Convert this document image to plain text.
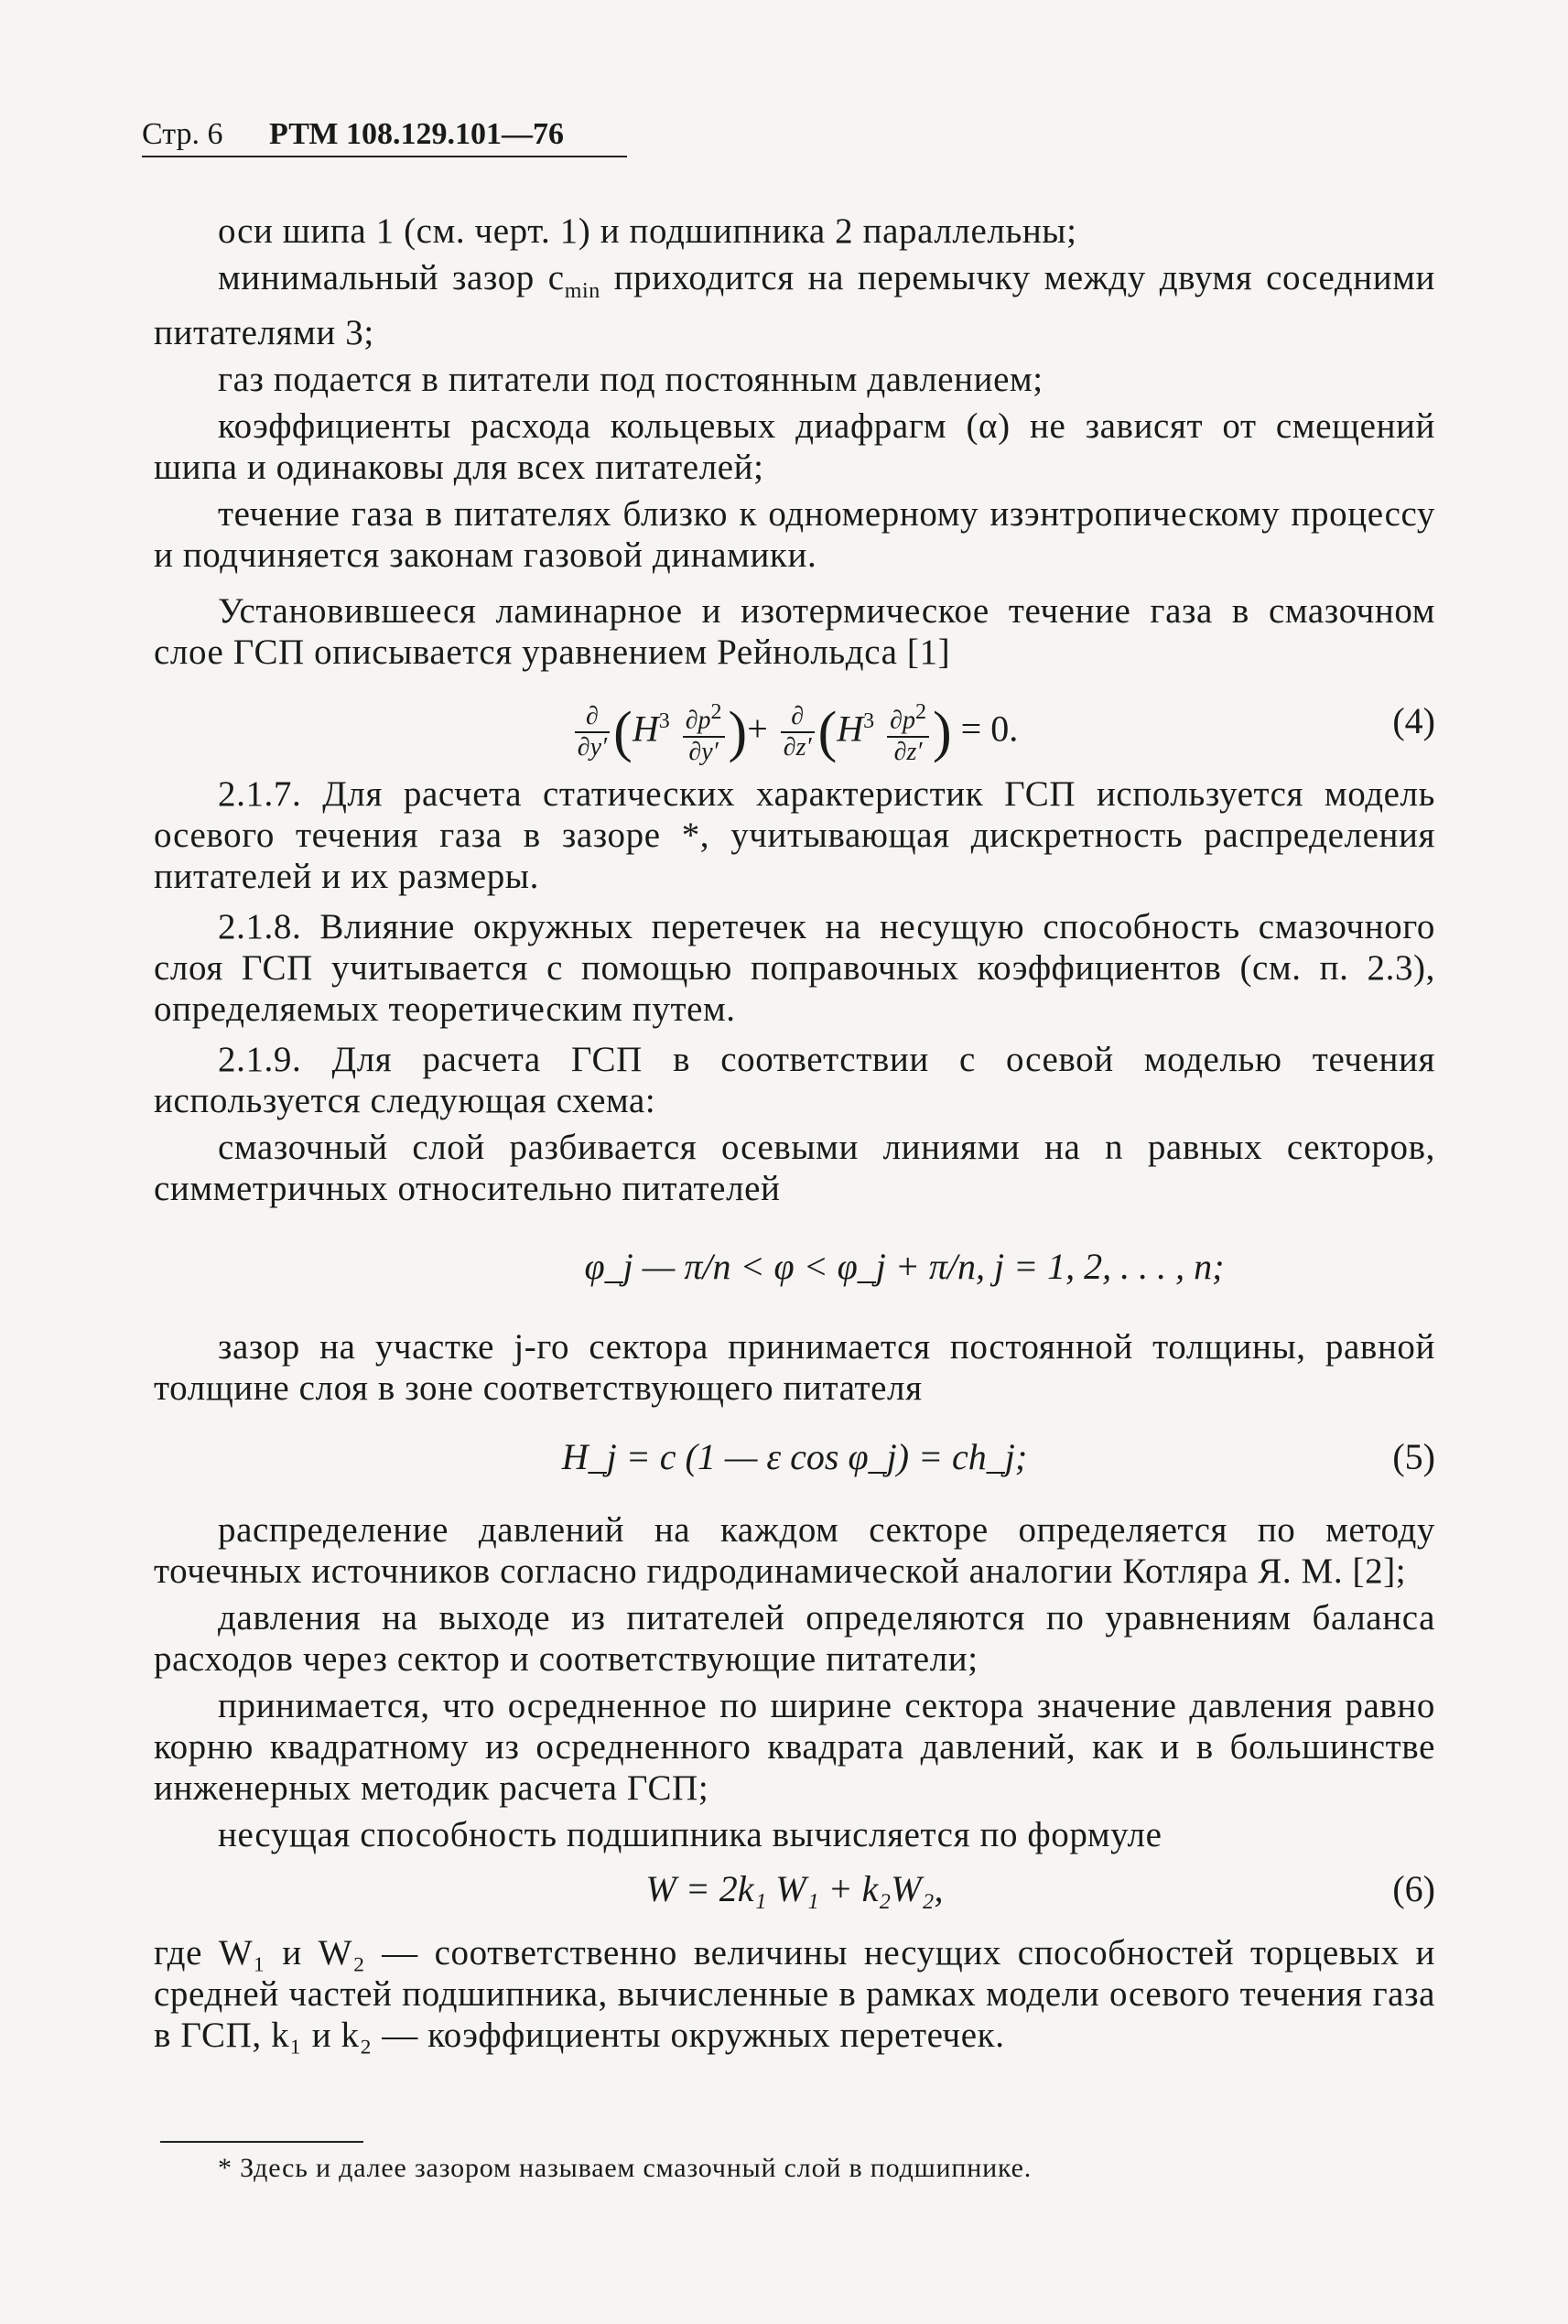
Стр. 6 РТМ 108.129.101—76

оси шипа 1 (см. черт. 1) и подшипника 2 параллельны;

минимальный зазор $c_{min}$ приходится на перемычку между двумя соседними питателями 3;

газ подается в питатели под постоянным давлением;

коэффициенты расхода кольцевых диафрагм (α) не зависят от смещений шипа и одинаковы для всех питателей;

течение газа в питателях близко к одномерному изэнтропическому процессу и подчиняется законам газовой динамики.

Установившееся ламинарное и изотермическое течение газа в смазочном слое ГСП описывается уравнением Рейнольдса [1]

$\frac{\partial}{\partial y'} (H^3 \frac{\partial p2}{\partial y'}$ )+ $\frac{\partial}{\partial z'} (H^3 \frac{\partial p2}{\partial z'}$ ) = 0.	(4)

2.1.7. Для расчета статических характеристик ГСП используется модель осевого течения газа в зазоре *, учитывающая дискретность распределения питателей и их размеры.

2.1.8. Влияние окружных перетечек на несущую способность смазочного слоя ГСП учитывается с помощью поправочных коэффициентов (см. п. 2.3), определяемых теоретическим путем.

2.1.9. Для расчета ГСП в соответствии с осевой моделью течения используется следующая схема:

смазочный слой разбивается осевыми линиями на n равных секторов, симметричных относительно питателей

φ_j — π/n < φ < φ_j + π/n, j = 1, 2, . . . , n;

зазор на участке j-го сектора принимается постоянной толщины, равной толщине слоя в зоне соответствующего питателя

H_j = c (1 — ε cos φ_j) = ch_j;	(5)

распределение давлений на каждом секторе определяется по методу точечных источников согласно гидродинамической аналогии Котляра Я. М. [2];

давления на выходе из питателей определяются по уравнениям баланса расходов через сектор и соответствующие питатели;

принимается, что осредненное по ширине сектора значение давления равно корню квадратному из осредненного квадрата давлений, как и в большинстве инженерных методик расчета ГСП;

несущая способность подшипника вычисляется по формуле

W = 2k₁ W₁ + k₂W₂,	(6)

где W₁ и W₂ — соответственно величины несущих способностей торцевых и средней частей подшипника, вычисленные в рамках модели осевого течения газа в ГСП, k₁ и k₂ — коэффициенты окружных перетечек.

* Здесь и далее зазором называем смазочный слой в подшипнике.
